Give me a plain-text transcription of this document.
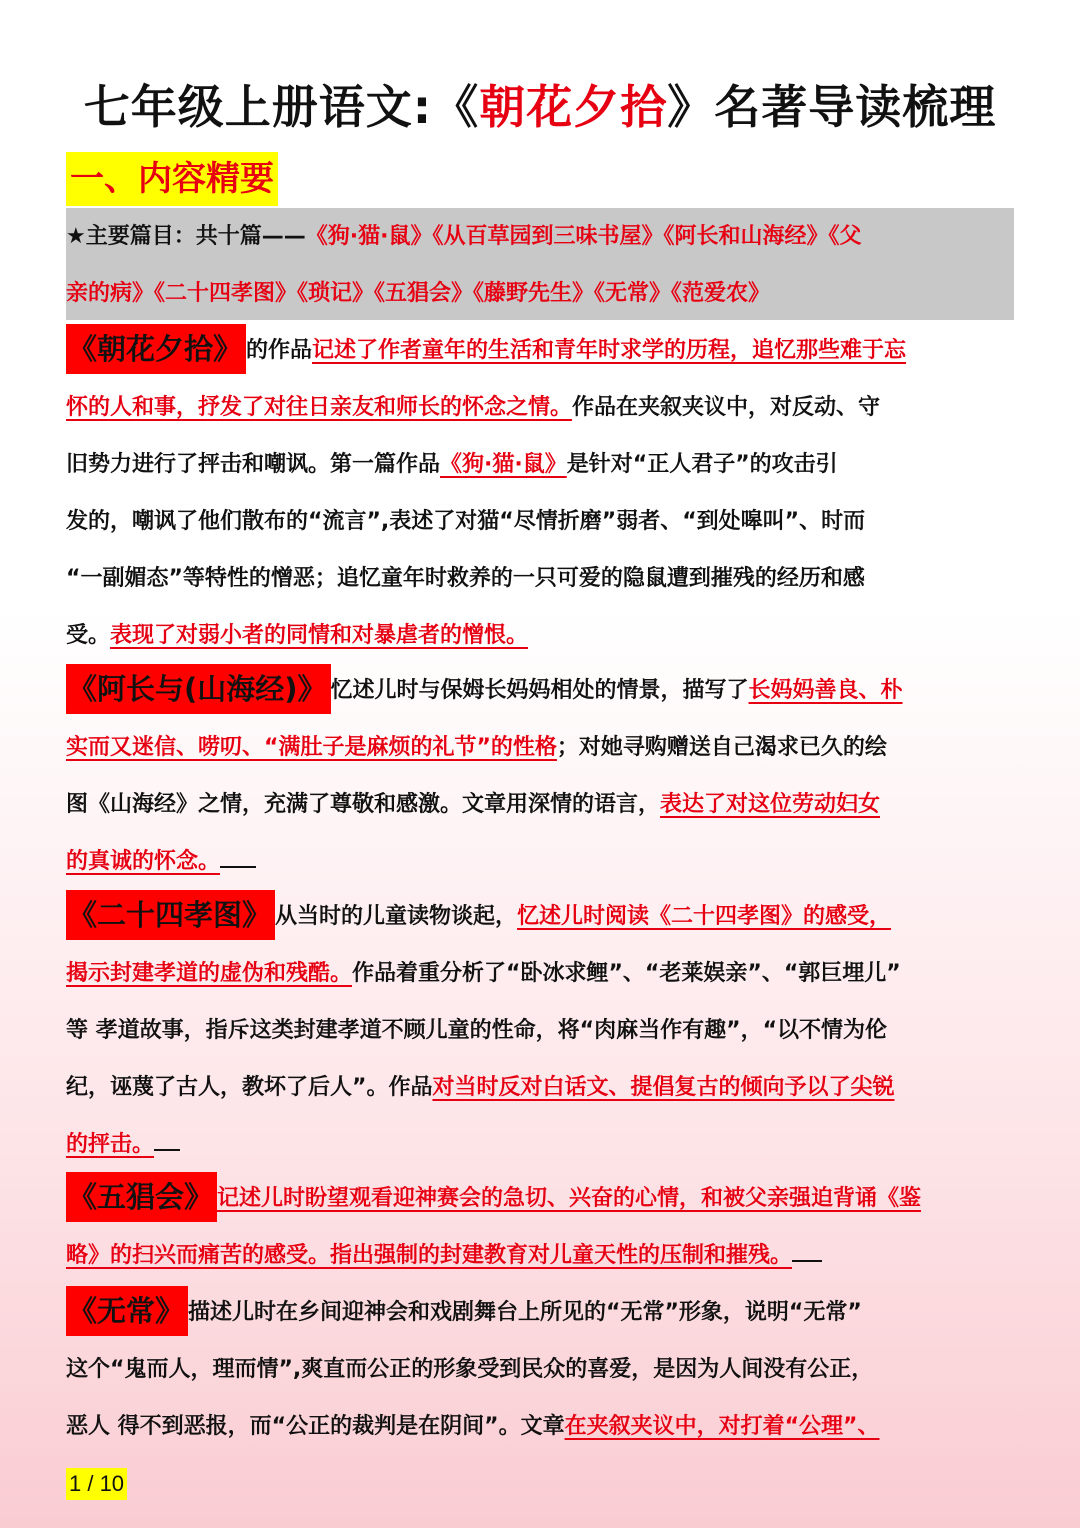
七年级上册语文:《朝花夕拾》名著导读梳理
一、内容精要
★主要篇目：共十篇——《狗·猫·鼠》《从百草园到三味书屋》《阿长和山海经》《父
亲的病》《二十四孝图》《琐记》《五猖会》《藤野先生》《无常》《范爱农》
《朝花夕拾》 的作品记述了作者童年的生活和青年时求学的历程，追忆那些难于忘
怀的人和事，抒发了对往日亲友和师长的怀念之情。作品在夹叙夹议中，对反动、守
旧势力进行了抨击和嘲讽。第一篇作品《狗·猫·鼠》是针对“正人君子”的攻击引
发的，嘲讽了他们散布的“流言”,表述了对猫“尽情折磨”弱者、“到处嗥叫”、时而
“一副媚态”等特性的憎恶；追忆童年时救养的一只可爱的隐鼠遭到摧残的经历和感
受。表现了对弱小者的同情和对暴虐者的憎恨。
《阿长与(山海经)》 忆述儿时与保姆长妈妈相处的情景，描写了长妈妈善良、朴
实而又迷信、唠叨、“满肚子是麻烦的礼节”的性格；对她寻购赠送自己渴求已久的绘
图《山海经》之情，充满了尊敬和感激。文章用深情的语言，表达了对这位劳动妇女
的真诚的怀念。
《二十四孝图》 从当时的儿童读物谈起，忆述儿时阅读《二十四孝图》的感受，
揭示封建孝道的虚伪和残酷。作品着重分析了“卧冰求鲤”、“老莱娱亲”、“郭巨埋儿”
等 孝道故事，指斥这类封建孝道不顾儿童的性命，将“肉麻当作有趣”，“以不情为伦
纪，诬蔑了古人，教坏了后人”。作品对当时反对白话文、提倡复古的倾向予以了尖锐
的抨击。
《五猖会》 记述儿时盼望观看迎神赛会的急切、兴奋的心情，和被父亲强迫背诵《鉴
略》的扫兴而痛苦的感受。指出强制的封建教育对儿童天性的压制和摧残。
《无常》 描述儿时在乡间迎神会和戏剧舞台上所见的“无常”形象，说明“无常”
这个“鬼而人，理而情”,爽直而公正的形象受到民众的喜爱，是因为人间没有公正，
恶人 得不到恶报，而“公正的裁判是在阴间”。文章在夹叙夹议中，对打着“公理”、
1 / 10
